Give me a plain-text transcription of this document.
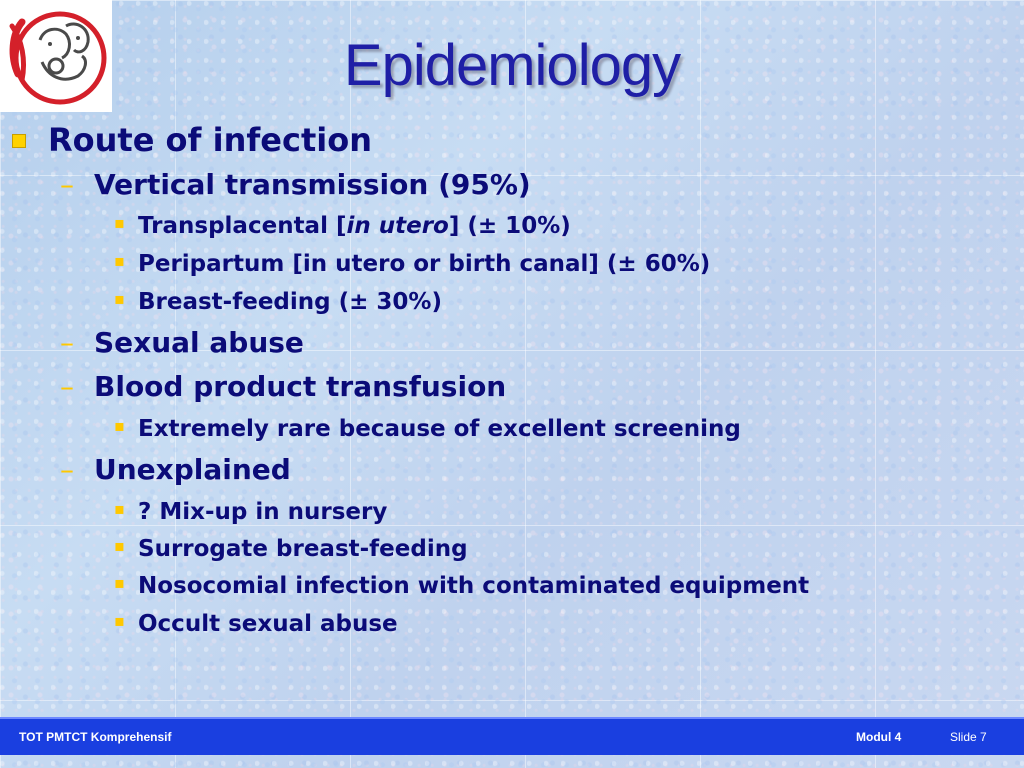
Epidemiology
Route of infection
– Vertical transmission (95%)
▪ Transplacental [in utero] (± 10%)
▪ Peripartum [in utero or birth canal] (± 60%)
▪ Breast-feeding (± 30%)
– Sexual abuse
– Blood product transfusion
▪ Extremely rare because of excellent screening
– Unexplained
▪ ? Mix-up in nursery
▪ Surrogate breast-feeding
▪ Nosocomial infection with contaminated equipment
▪ Occult sexual abuse
TOT PMTCT Komprehensif	Modul 4	Slide 7
